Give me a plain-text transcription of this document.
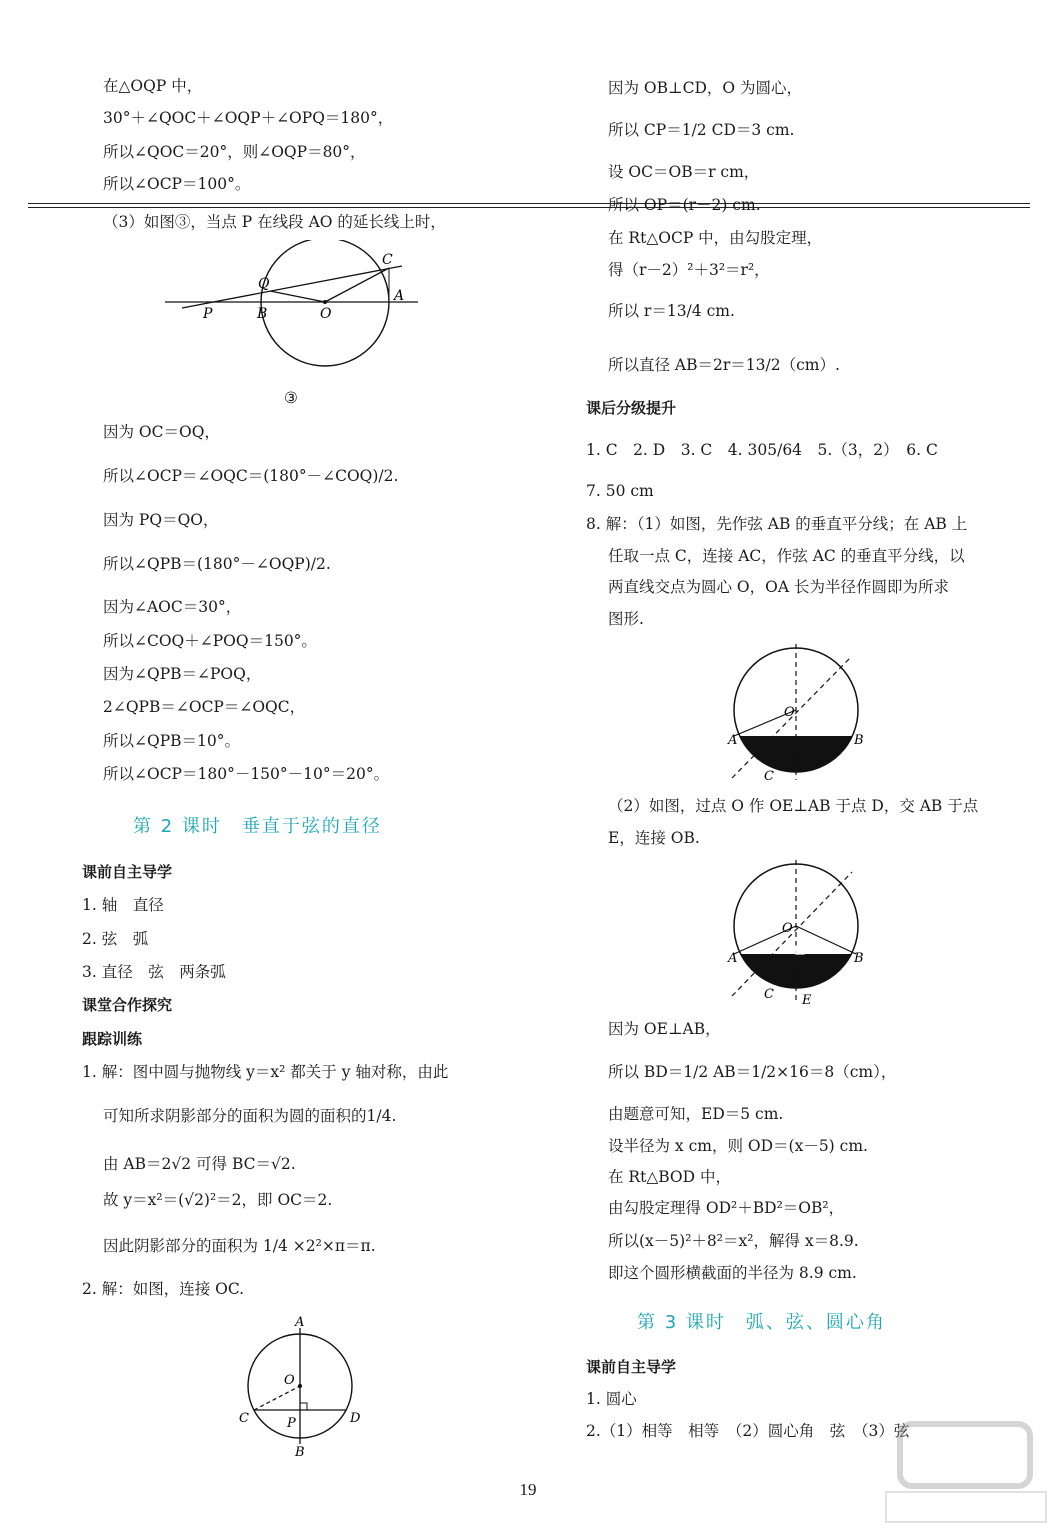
在△OQP 中，
30°＋∠QOC＋∠OQP＋∠OPQ＝180°，
所以∠QOC＝20°，则∠OQP＝80°，
所以∠OCP＝100°。
（3）如图③，当点 P 在线段 AO 的延长线上时，
Q
C
A
P	B	O
③
因为 OC＝OQ，
所以∠OCP＝∠OQC＝(180°－∠COQ)/2.
因为 PQ＝QO，
所以∠QPB＝(180°－∠OQP)/2.
因为∠AOC＝30°，
所以∠COQ＋∠POQ＝150°。
因为∠QPB＝∠POQ，
2∠QPB＝∠OCP＝∠OQC，
所以∠QPB＝10°。
所以∠OCP＝180°－150°－10°＝20°。
第 2 课时　垂直于弦的直径
课前自主导学
1. 轴　直径
2. 弦　弧
3. 直径　弦　两条弧
课堂合作探究
跟踪训练
1. 解：图中圆与抛物线 y＝x² 都关于 y 轴对称，由此
可知所求阴影部分的面积为圆的面积的1/4.
由 AB＝2√2 可得 BC＝√2.
故 y＝x²＝(√2)²＝2，即 OC＝2.
因此阴影部分的面积为 1/4 ×2²×π＝π.
2. 解：如图，连接 OC.
A
O
C	P	D
B
因为 OB⊥CD，O 为圆心，
所以 CP＝1/2 CD＝3 cm.
设 OC＝OB＝r cm，
所以 OP＝(r－2) cm.
在 Rt△OCP 中，由勾股定理，
得（r－2）²＋3²＝r²，
所以 r＝13/4 cm.
所以直径 AB＝2r＝13/2（cm）.
课后分级提升
1. C　2. D　3. C　4. 305/64　5.（3，2）　6. C
7. 50 cm
8. 解：（1）如图，先作弦 AB 的垂直平分线；在 AB 上
任取一点 C，连接 AC，作弦 AC 的垂直平分线，以
两直线交点为圆心 O，OA 长为半径作圆即为所求
图形.
O
A	B
C
（2）如图，过点 O 作 OE⊥AB 于点 D，交 AB 于点
E，连接 OB.
O
A	B
C E
因为 OE⊥AB，
所以 BD＝1/2 AB＝1/2×16＝8（cm），
由题意可知，ED＝5 cm.
设半径为 x cm，则 OD＝(x－5) cm.
在 Rt△BOD 中，
由勾股定理得 OD²＋BD²＝OB²，
所以(x－5)²＋8²＝x²，解得 x＝8.9.
即这个圆形横截面的半径为 8.9 cm.
第 3 课时　弧、弦、圆心角
课前自主导学
1. 圆心
2.（1）相等　相等　（2）圆心角　弦　（3）弦
19
